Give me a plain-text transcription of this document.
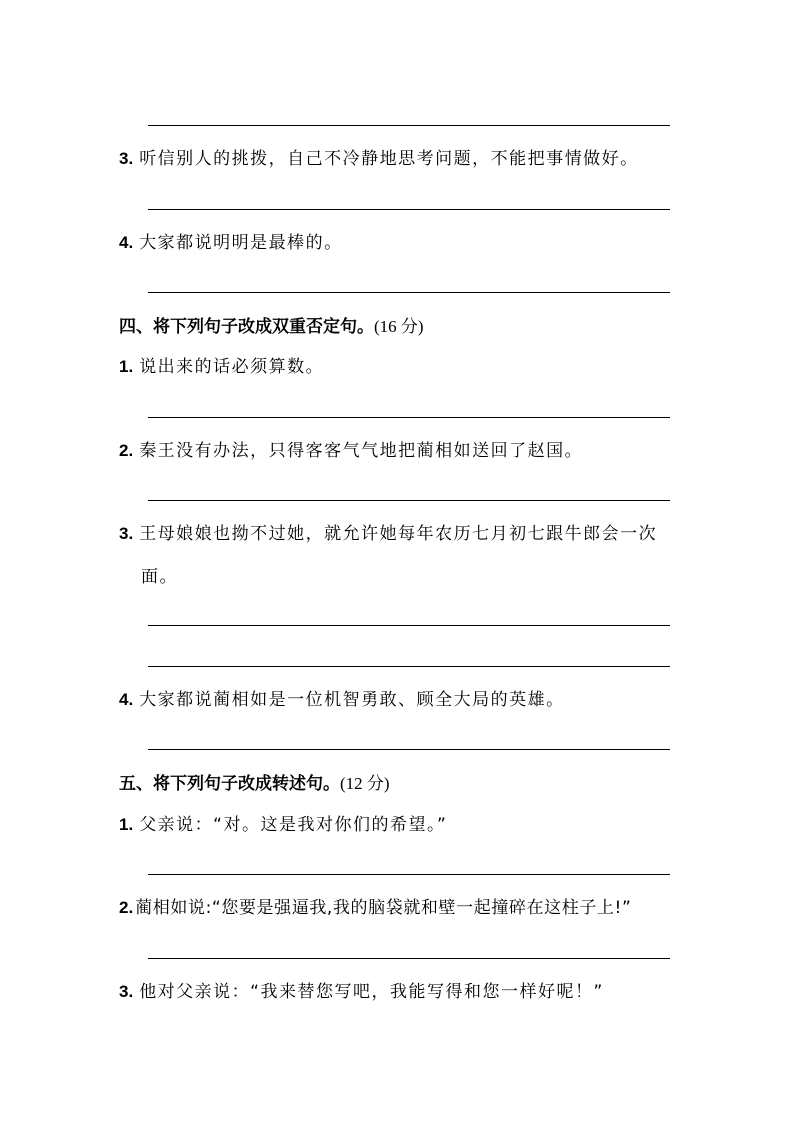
3. 听信别人的挑拨，自己不冷静地思考问题，不能把事情做好。
4. 大家都说明明是最棒的。
四、将下列句子改成双重否定句。(16 分)
1. 说出来的话必须算数。
2. 秦王没有办法，只得客客气气地把蔺相如送回了赵国。
3. 王母娘娘也拗不过她，就允许她每年农历七月初七跟牛郎会一次
面。
4. 大家都说蔺相如是一位机智勇敢、顾全大局的英雄。
五、将下列句子改成转述句。(12 分)
1. 父亲说：“对。这是我对你们的希望。”
2. 蔺相如说:“您要是强逼我,我的脑袋就和壁一起撞碎在这柱子上!”
3. 他对父亲说：“我来替您写吧，我能写得和您一样好呢！”
